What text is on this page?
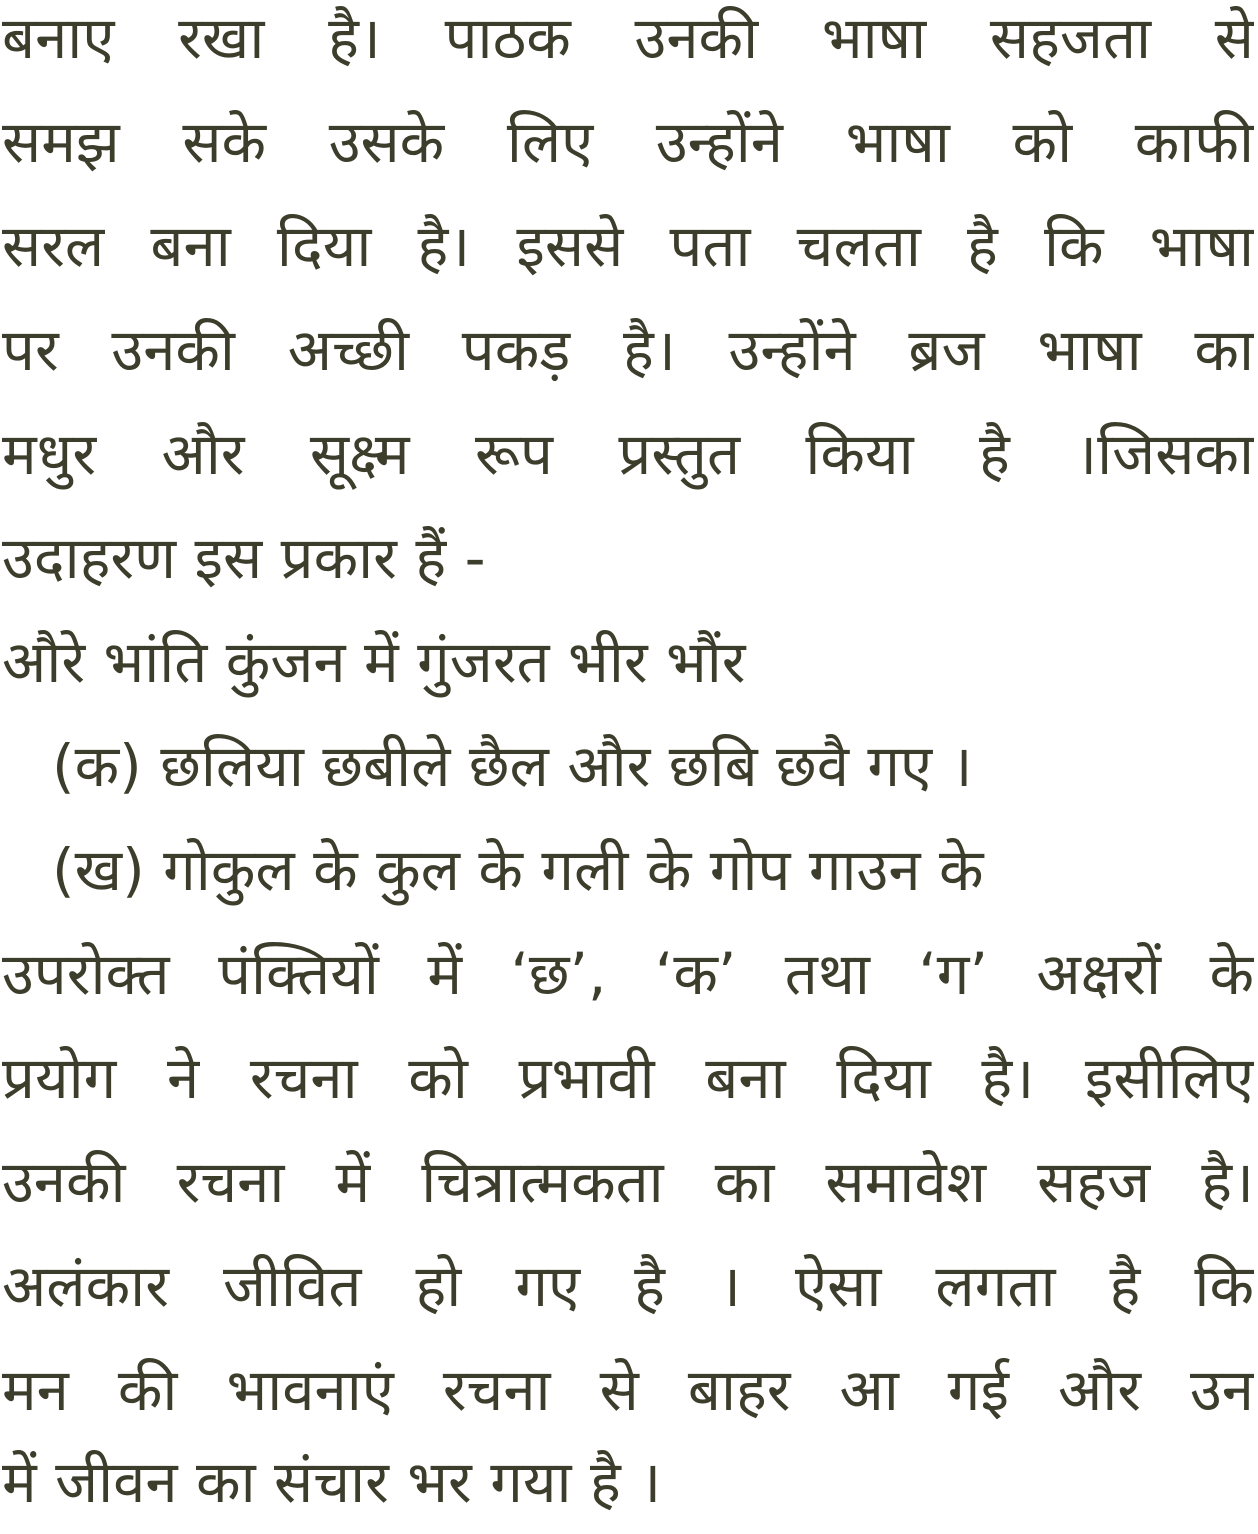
बनाए रखा है। पाठक उनकी भाषा सहजता से
समझ सके उसके लिए उन्होंने भाषा को काफी
सरल बना दिया है। इससे पता चलता है कि भाषा
पर उनकी अच्छी पकड़ है। उन्होंने ब्रज भाषा का
मधुर और सूक्ष्म रूप प्रस्तुत किया है ।जिसका
उदाहरण इस प्रकार हैं -
औरे भांति कुंजन में गुंजरत भीर भौंर
(क) छलिया छबीले छैल और छबि छवै गए ।
(ख) गोकुल के कुल के गली के गोप गाउन के
उपरोक्त पंक्तियों में ‘छ’, ‘क’ तथा ‘ग’ अक्षरों के
प्रयोग ने रचना को प्रभावी बना दिया है। इसीलिए
उनकी रचना में चित्रात्मकता का समावेश सहज है।
अलंकार जीवित हो गए है । ऐसा लगता है कि
मन की भावनाएं रचना से बाहर आ गई और उन
में जीवन का संचार भर गया है ।
